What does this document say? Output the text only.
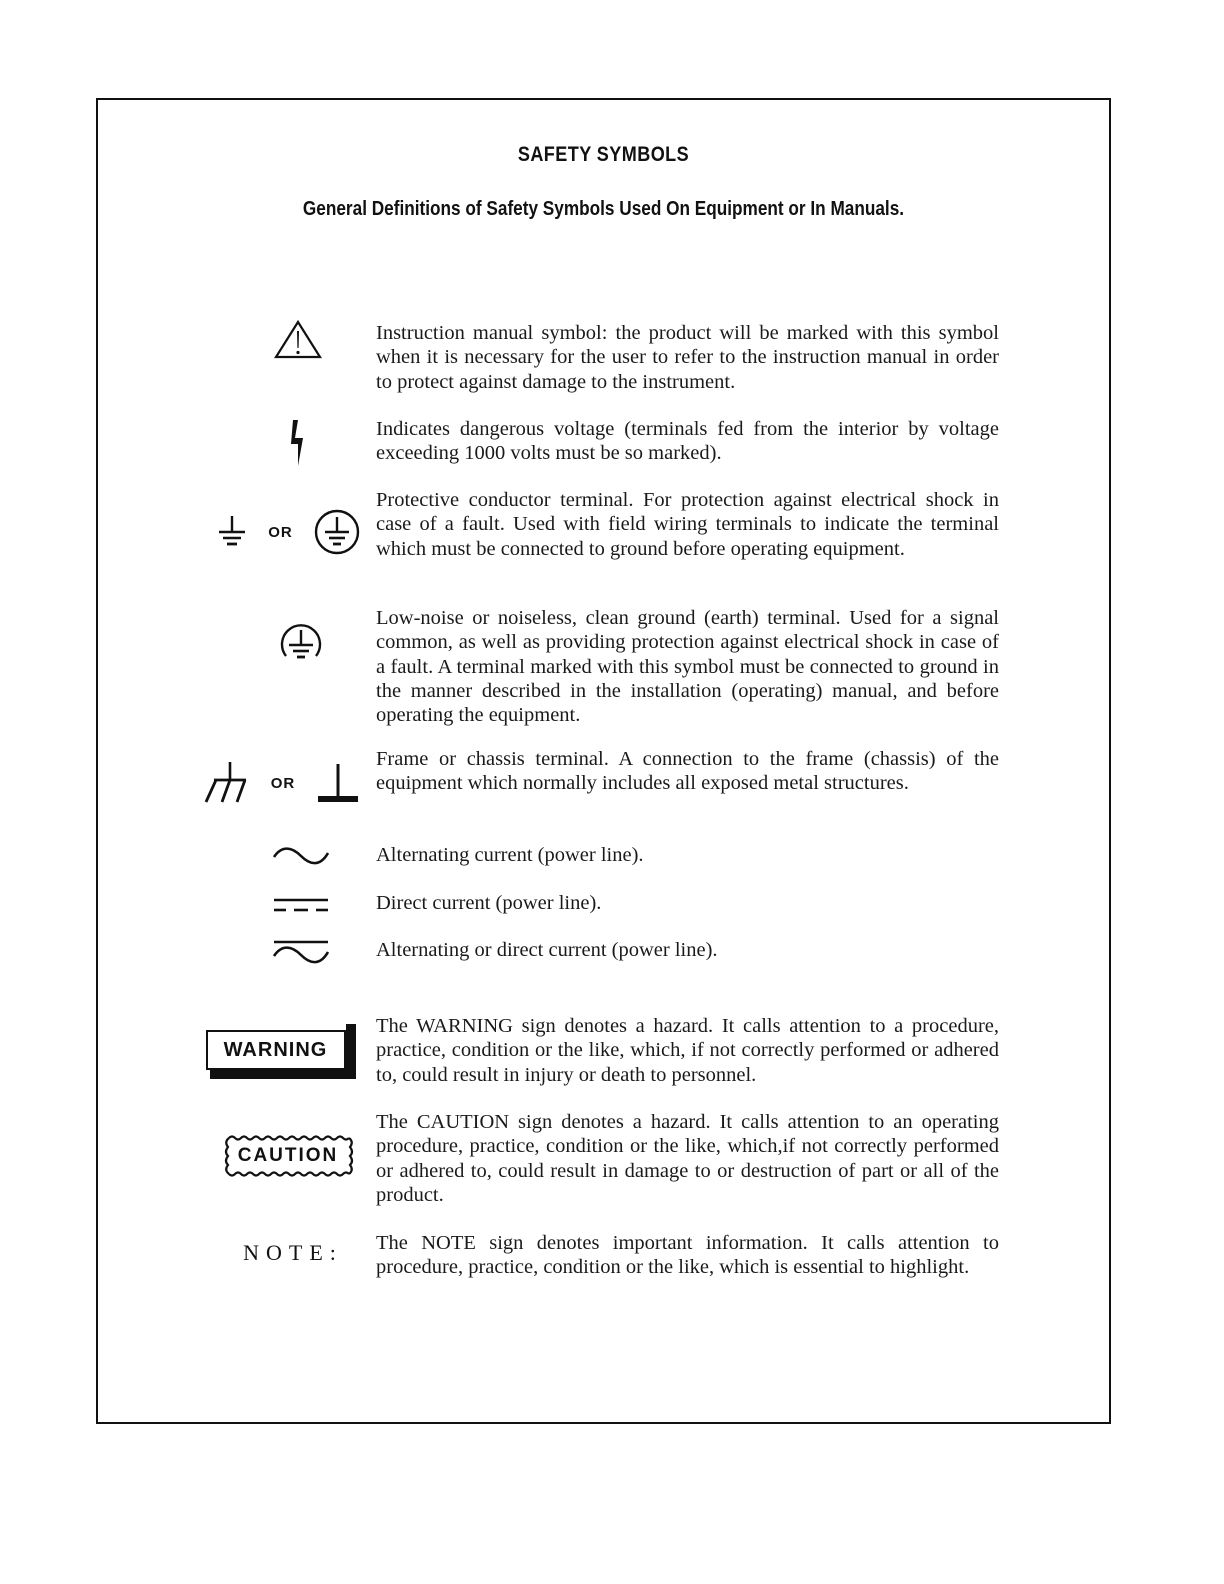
SAFETY SYMBOLS
General Definitions of Safety Symbols Used On Equipment or In Manuals.

Instruction manual symbol: the product will be marked with this symbol when it is necessary for the user to refer to the instruction manual in order to protect against damage to the instrument.

Indicates dangerous voltage (terminals fed from the interior by voltage exceeding 1000 volts must be so marked).

OR

Protective conductor terminal. For protection against electrical shock in case of a fault. Used with field wiring terminals to indicate the terminal which must be connected to ground before operating equipment.

Low-noise or noiseless, clean ground (earth) terminal. Used for a signal common, as well as providing protection against electrical shock in case of a fault. A terminal marked with this symbol must be connected to ground in the manner described in the installation (operating) manual, and before operating the equipment.

OR

Frame or chassis terminal. A connection to the frame (chassis) of the equipment which normally includes all exposed metal structures.

Alternating current (power line).

Direct current (power line).

Alternating or direct current (power line).

WARNING

The WARNING sign denotes a hazard. It calls attention to a procedure, practice, condition or the like, which, if not correctly performed or adhered to, could result in injury or death to personnel.

CAUTION

The CAUTION sign denotes a hazard. It calls attention to an operating procedure, practice, condition or the like, which,if not correctly performed or adhered to, could result in damage to or destruction of part or all of the product.

NOTE: The NOTE sign denotes important information. It calls attention to procedure, practice, condition or the like, which is essential to highlight.
